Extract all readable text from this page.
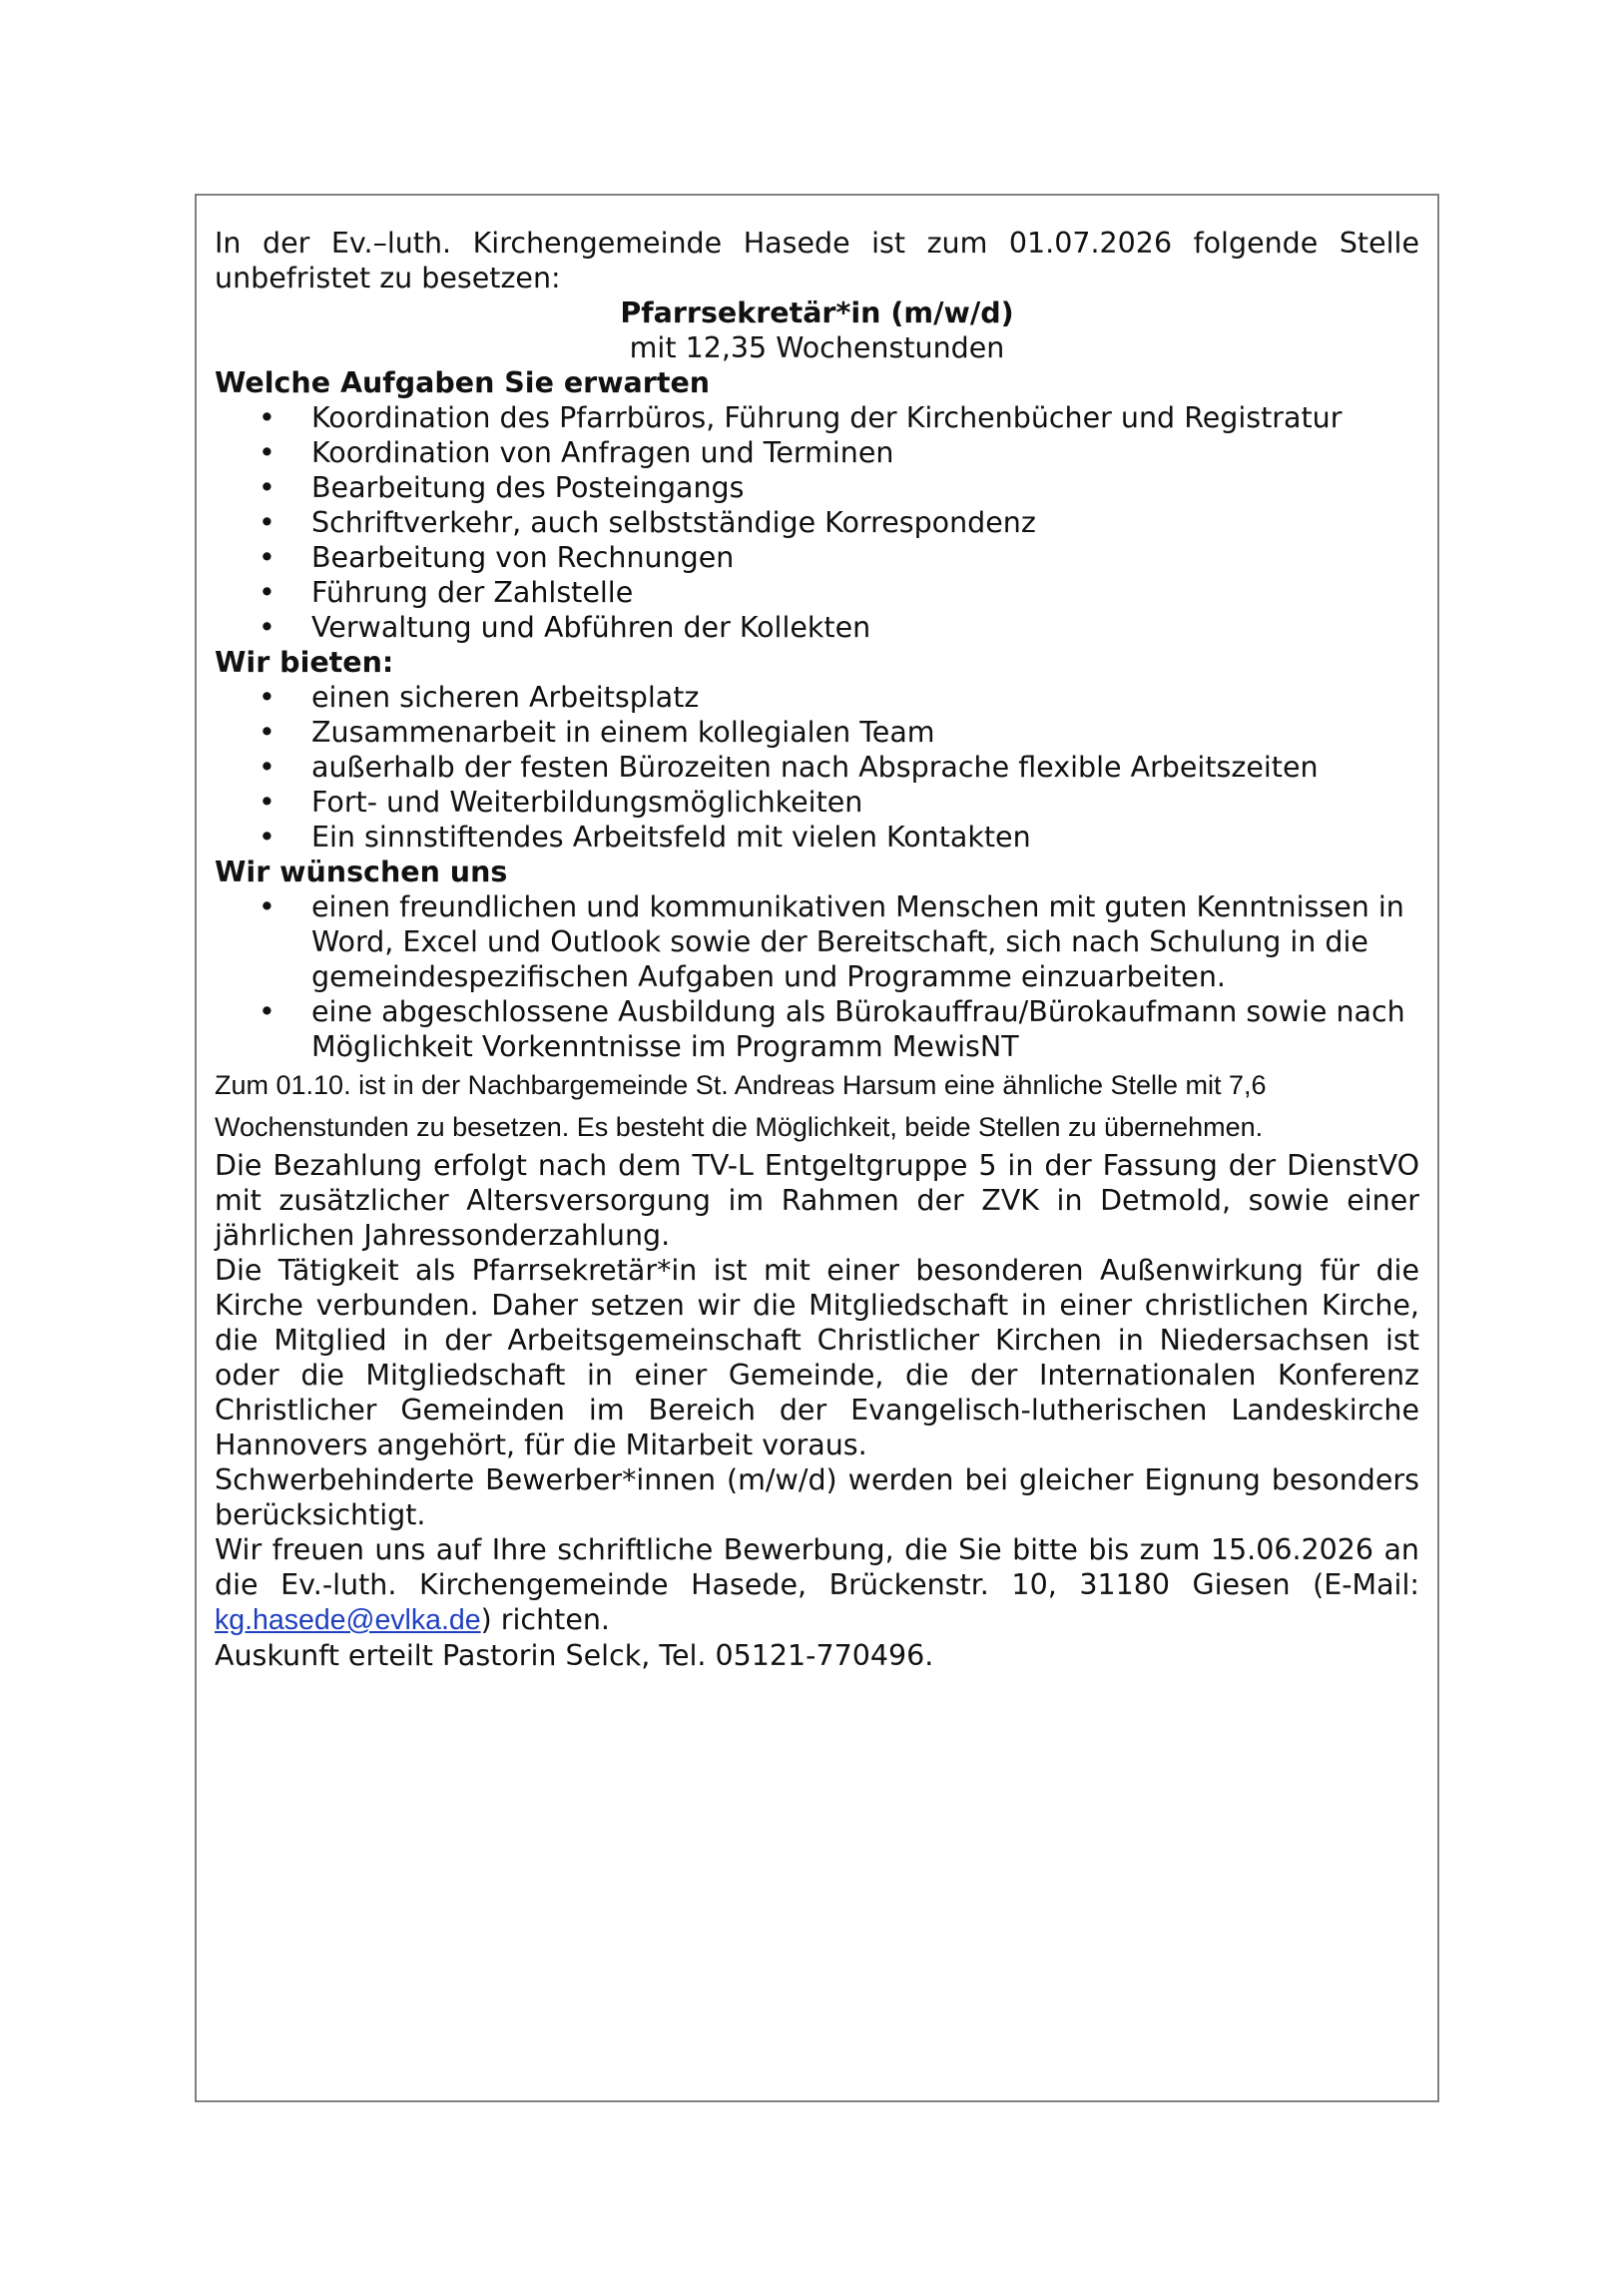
In der Ev.–luth. Kirchengemeinde Hasede ist zum 01.07.2026 folgende Stelle unbefristet zu besetzen:

Pfarrsekretär*in (m/w/d)

mit 12,35 Wochenstunden

Welche Aufgaben Sie erwarten

• Koordination des Pfarrbüros, Führung der Kirchenbücher und Registratur
• Koordination von Anfragen und Terminen
• Bearbeitung des Posteingangs
• Schriftverkehr, auch selbstständige Korrespondenz
• Bearbeitung von Rechnungen
• Führung der Zahlstelle
• Verwaltung und Abführen der Kollekten

Wir bieten:

• einen sicheren Arbeitsplatz
• Zusammenarbeit in einem kollegialen Team
• außerhalb der festen Bürozeiten nach Absprache flexible Arbeitszeiten
• Fort- und Weiterbildungsmöglichkeiten
• Ein sinnstiftendes Arbeitsfeld mit vielen Kontakten

Wir wünschen uns

• einen freundlichen und kommunikativen Menschen mit guten Kenntnissen in Word, Excel und Outlook sowie der Bereitschaft, sich nach Schulung in die gemeindespezifischen Aufgaben und Programme einzuarbeiten.
• eine abgeschlossene Ausbildung als Bürokauffrau/Bürokaufmann sowie nach Möglichkeit Vorkenntnisse im Programm MewisNT

Zum 01.10. ist in der Nachbargemeinde St. Andreas Harsum eine ähnliche Stelle mit 7,6 Wochenstunden zu besetzen. Es besteht die Möglichkeit, beide Stellen zu übernehmen.

Die Bezahlung erfolgt nach dem TV-L Entgeltgruppe 5 in der Fassung der DienstVO mit zusätzlicher Altersversorgung im Rahmen der ZVK in Detmold, sowie einer jährlichen Jahressonderzahlung.

Die Tätigkeit als Pfarrsekretär*in ist mit einer besonderen Außenwirkung für die Kirche verbunden. Daher setzen wir die Mitgliedschaft in einer christlichen Kirche, die Mitglied in der Arbeitsgemeinschaft Christlicher Kirchen in Niedersachsen ist oder die Mitgliedschaft in einer Gemeinde, die der Internationalen Konferenz Christlicher Gemeinden im Bereich der Evangelisch-lutherischen Landeskirche Hannovers angehört, für die Mitarbeit voraus.

Schwerbehinderte Bewerber*innen (m/w/d) werden bei gleicher Eignung besonders berücksichtigt.

Wir freuen uns auf Ihre schriftliche Bewerbung, die Sie bitte bis zum 15.06.2026 an die Ev.-luth. Kirchengemeinde Hasede, Brückenstr. 10, 31180 Giesen (E-Mail: kg.hasede@evlka.de) richten.

Auskunft erteilt Pastorin Selck, Tel. 05121-770496.
